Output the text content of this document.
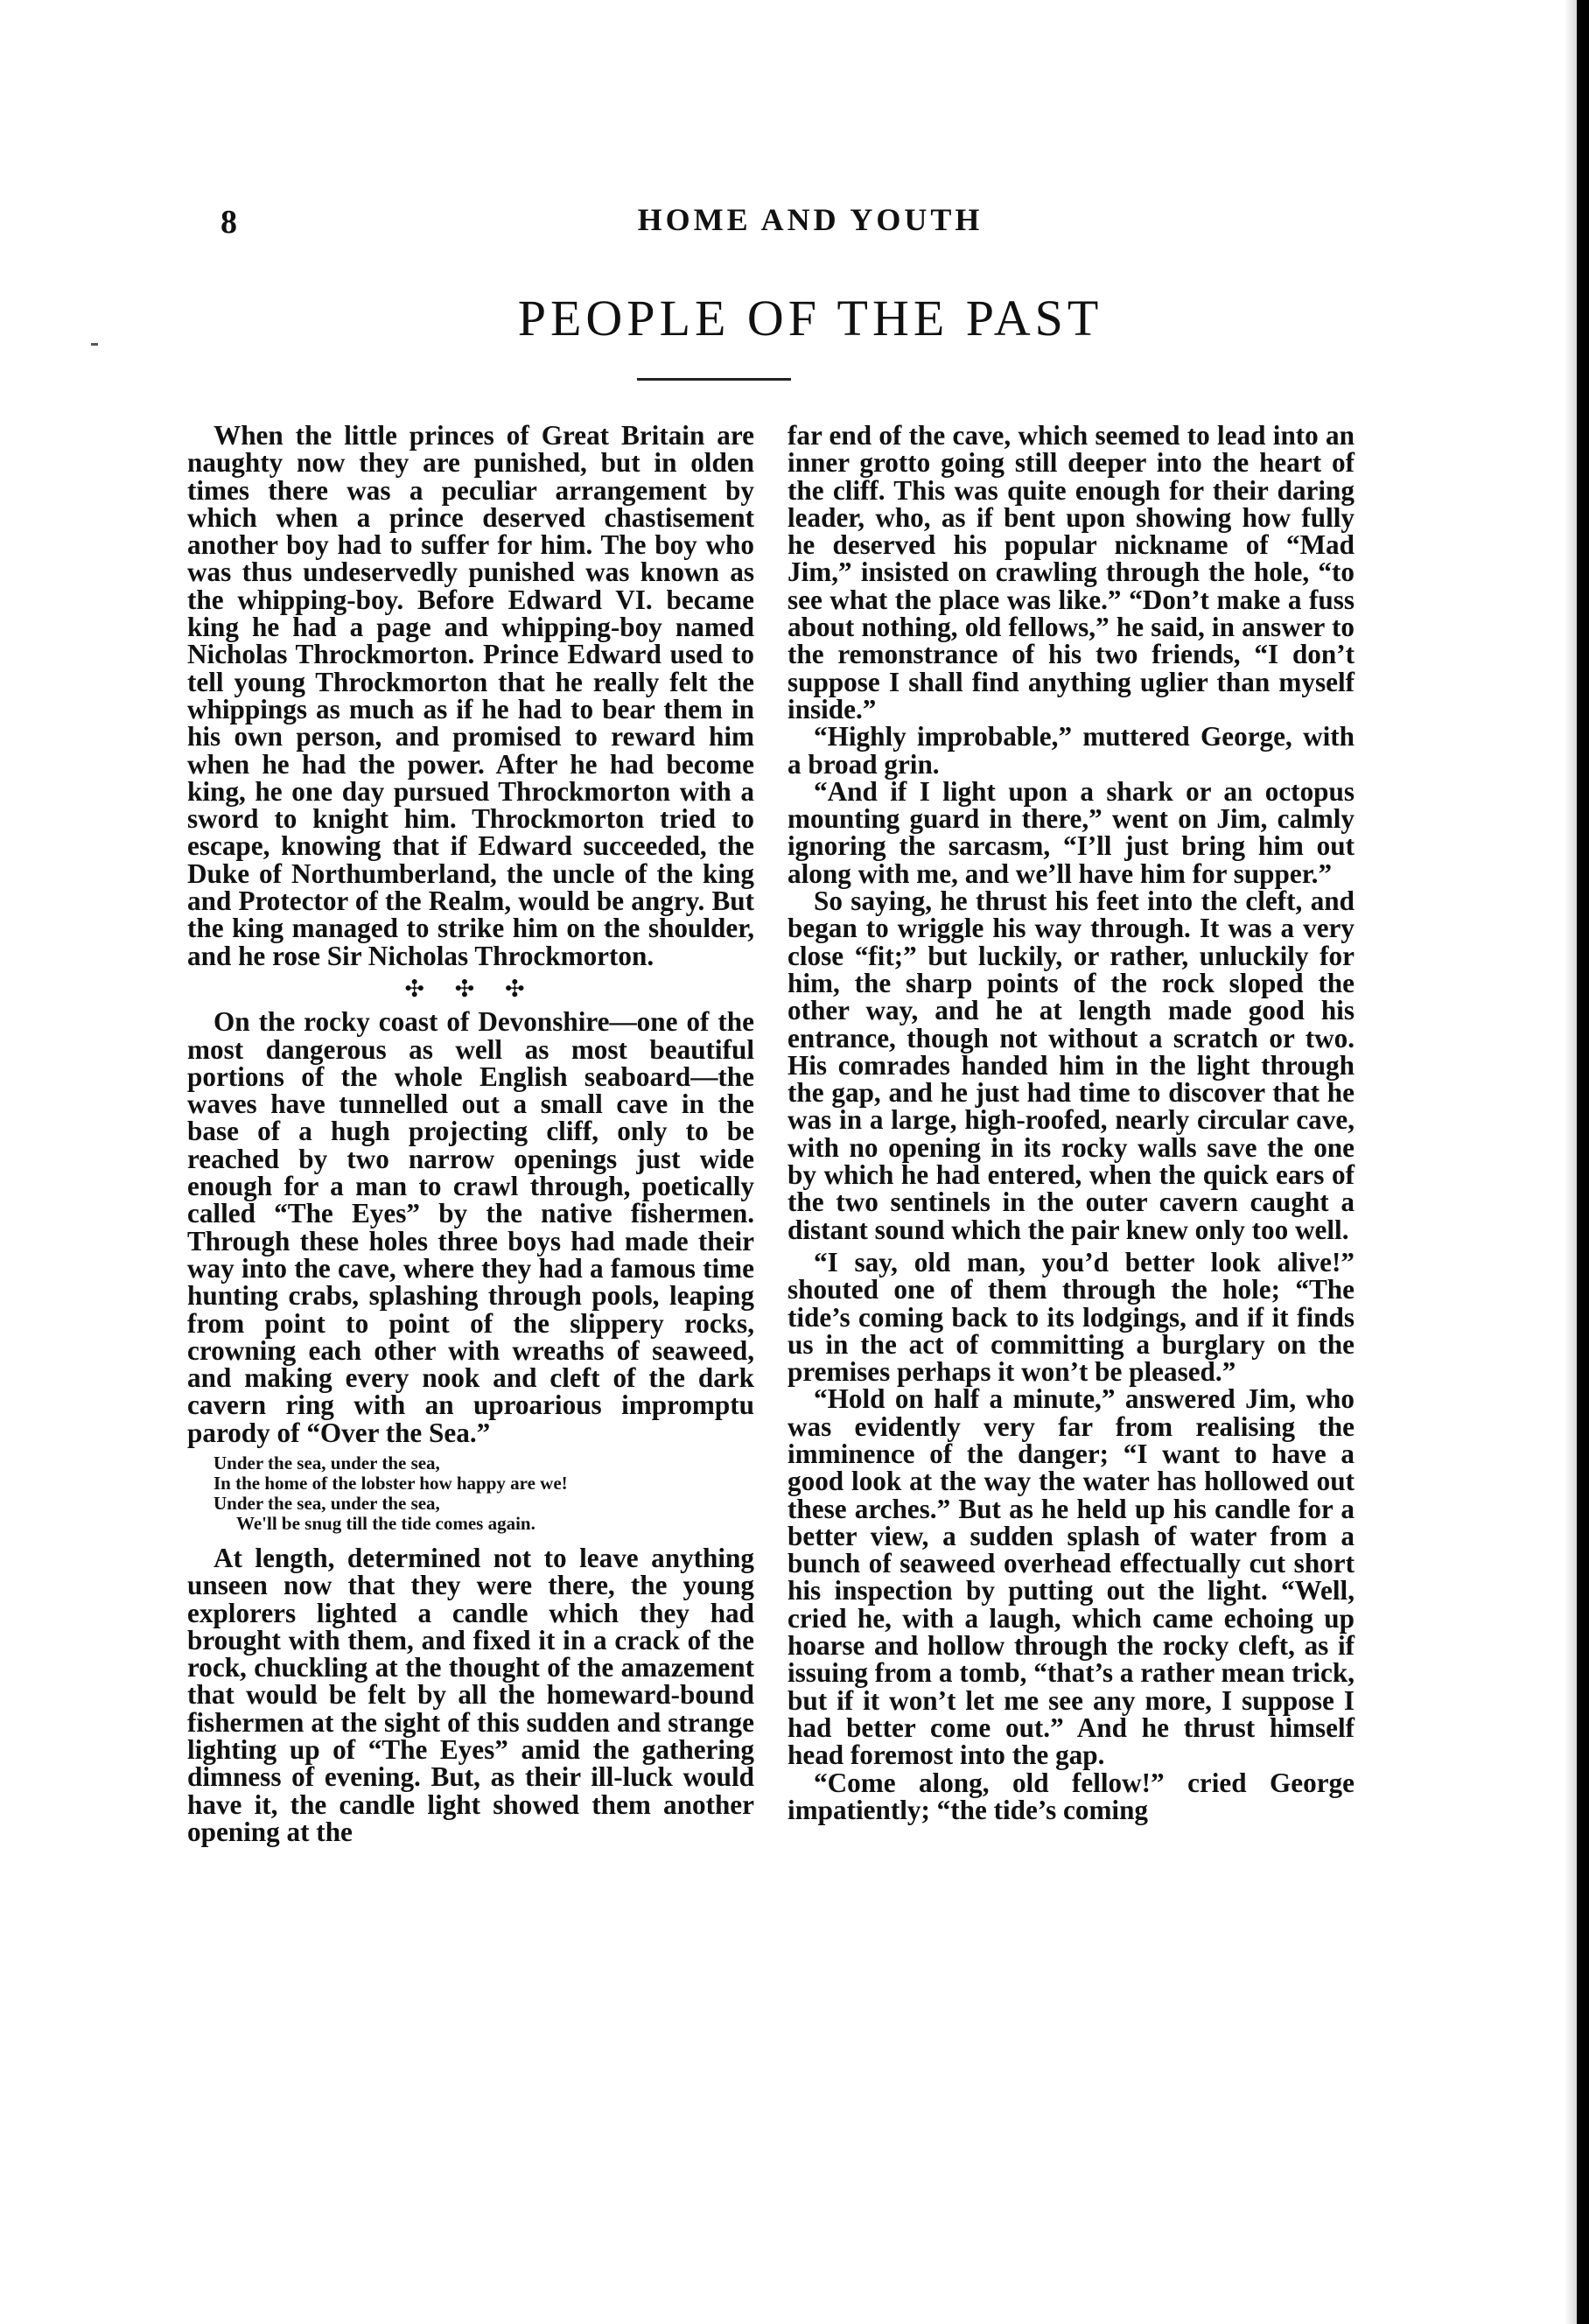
8	HOME AND YOUTH
PEOPLE OF THE PAST

When the little princes of Great Britain are naughty now they are punished, but in olden times there was a peculiar arrangement by which when a prince deserved chastisement another boy had to suffer for him. The boy who was thus undeservedly punished was known as the whipping-boy. Before Edward VI. became king he had a page and whipping-boy named Nicholas Throckmorton. Prince Edward used to tell young Throckmorton that he really felt the whippings as much as if he had to bear them in his own person, and promised to reward him when he had the power. After he had become king, he one day pursued Throckmorton with a sword to knight him. Throckmorton tried to escape, knowing that if Edward succeeded, the Duke of Northumberland, the uncle of the king and Protector of the Realm, would be angry. But the king managed to strike him on the shoulder, and he rose Sir Nicholas Throckmorton.

✣ ✣ ✣

On the rocky coast of Devonshire—one of the most dangerous as well as most beautiful portions of the whole English seaboard—the waves have tunnelled out a small cave in the base of a hugh projecting cliff, only to be reached by two narrow openings just wide enough for a man to crawl through, poetically called “The Eyes” by the native fishermen. Through these holes three boys had made their way into the cave, where they had a famous time hunting crabs, splashing through pools, leaping from point to point of the slippery rocks, crowning each other with wreaths of seaweed, and making every nook and cleft of the dark cavern ring with an uproarious impromptu parody of “Over the Sea.”

Under the sea, under the sea,
In the home of the lobster how happy are we!
Under the sea, under the sea,
We'll be snug till the tide comes again.

At length, determined not to leave anything unseen now that they were there, the young explorers lighted a candle which they had brought with them, and fixed it in a crack of the rock, chuckling at the thought of the amazement that would be felt by all the homeward-bound fishermen at the sight of this sudden and strange lighting up of “The Eyes” amid the gathering dimness of evening. But, as their ill-luck would have it, the candle light showed them another opening at the

far end of the cave, which seemed to lead into an inner grotto going still deeper into the heart of the cliff. This was quite enough for their daring leader, who, as if bent upon showing how fully he deserved his popular nickname of “Mad Jim,” insisted on crawling through the hole, “to see what the place was like.” “Don’t make a fuss about nothing, old fellows,” he said, in answer to the remonstrance of his two friends, “I don’t suppose I shall find anything uglier than myself inside.”

“Highly improbable,” muttered George, with a broad grin.

“And if I light upon a shark or an octopus mounting guard in there,” went on Jim, calmly ignoring the sarcasm, “I’ll just bring him out along with me, and we’ll have him for supper.”

So saying, he thrust his feet into the cleft, and began to wriggle his way through. It was a very close “fit;” but luckily, or rather, unluckily for him, the sharp points of the rock sloped the other way, and he at length made good his entrance, though not without a scratch or two. His comrades handed him in the light through the gap, and he just had time to discover that he was in a large, high-roofed, nearly circular cave, with no opening in its rocky walls save the one by which he had entered, when the quick ears of the two sentinels in the outer cavern caught a distant sound which the pair knew only too well.

“I say, old man, you’d better look alive!” shouted one of them through the hole; “The tide’s coming back to its lodgings, and if it finds us in the act of committing a burglary on the premises perhaps it won’t be pleased.”

“Hold on half a minute,” answered Jim, who was evidently very far from realising the imminence of the danger; “I want to have a good look at the way the water has hollowed out these arches.” But as he held up his candle for a better view, a sudden splash of water from a bunch of seaweed overhead effectually cut short his inspection by putting out the light. “Well, cried he, with a laugh, which came echoing up hoarse and hollow through the rocky cleft, as if issuing from a tomb, “that’s a rather mean trick, but if it won’t let me see any more, I suppose I had better come out.” And he thrust himself head foremost into the gap.

“Come along, old fellow!” cried George impatiently; “the tide’s coming
